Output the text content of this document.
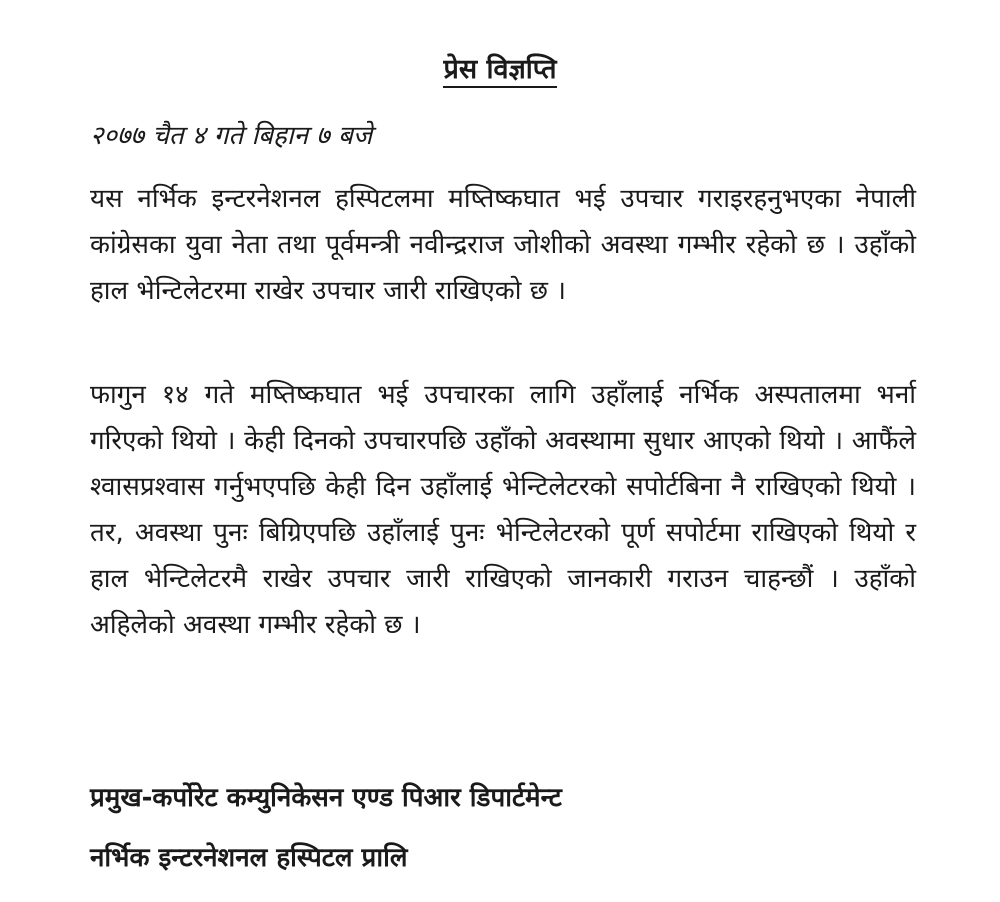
प्रेस विज्ञप्ति
२०७७ चैत ४ गते बिहान ७ बजे

यस नर्भिक इन्टरनेशनल हस्पिटलमा मष्तिष्कघात भई उपचार गराइरहनुभएका नेपाली कांग्रेसका युवा नेता तथा पूर्वमन्त्री नवीन्द्रराज जोशीको अवस्था गम्भीर रहेको छ । उहाँको हाल भेन्टिलेटरमा राखेर उपचार जारी राखिएको छ ।

फागुन १४ गते मष्तिष्कघात भई उपचारका लागि उहाँलाई नर्भिक अस्पतालमा भर्ना गरिएको थियो । केही दिनको उपचारपछि उहाँको अवस्थामा सुधार आएको थियो । आफैंले श्वासप्रश्वास गर्नुभएपछि केही दिन उहाँलाई भेन्टिलेटरको सपोर्टबिना नै राखिएको थियो । तर, अवस्था पुनः बिग्रिएपछि उहाँलाई पुनः भेन्टिलेटरको पूर्ण सपोर्टमा राखिएको थियो र हाल भेन्टिलेटरमै राखेर उपचार जारी राखिएको जानकारी गराउन चाहन्छौं । उहाँको अहिलेको अवस्था गम्भीर रहेको छ ।

प्रमुख-कर्पोरेट कम्युनिकेसन एण्ड पिआर डिपार्टमेन्ट
नर्भिक इन्टरनेशनल हस्पिटल प्रालि
